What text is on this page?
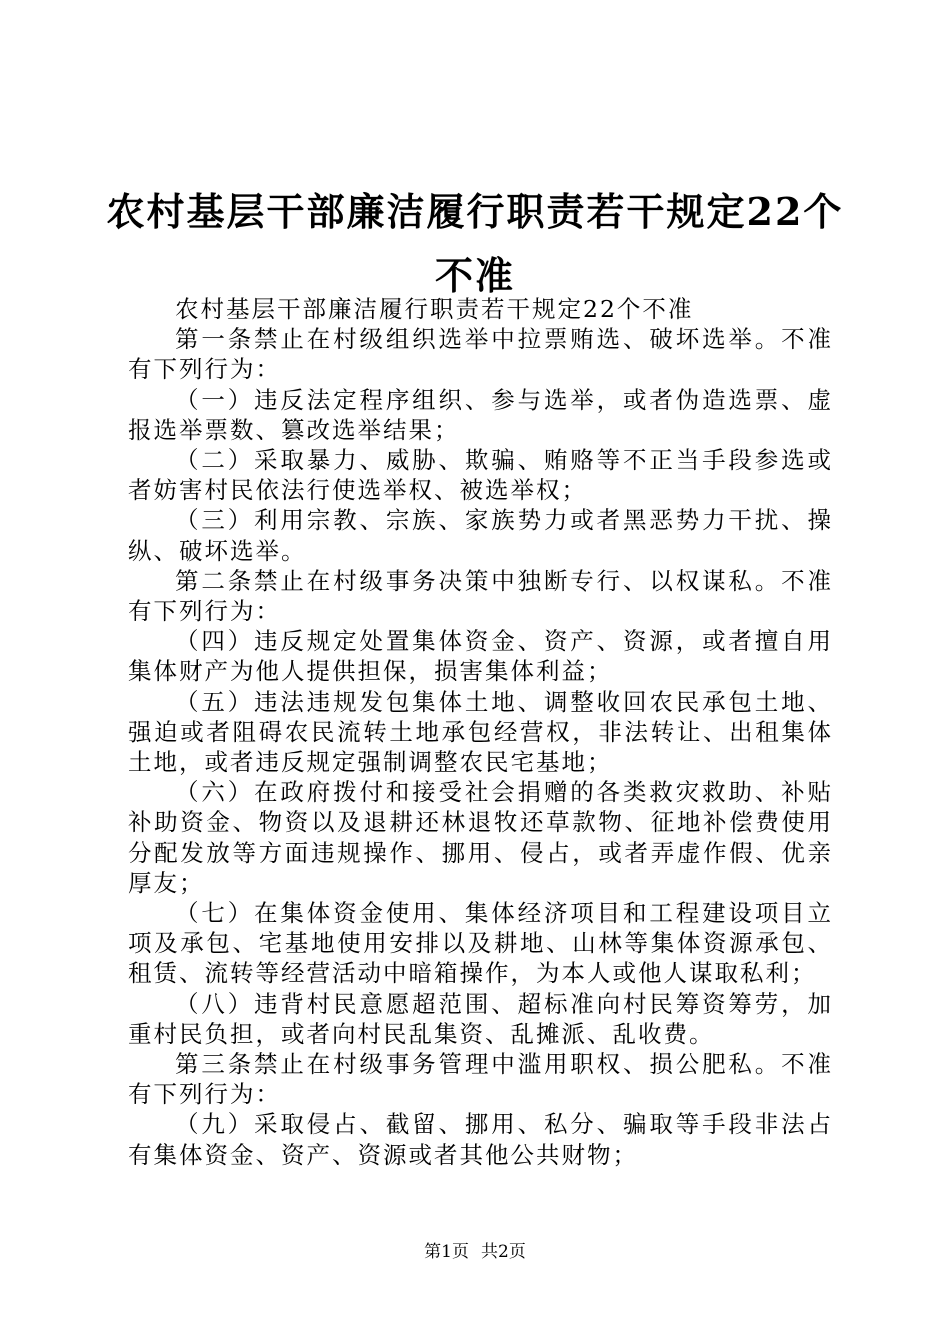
农村基层干部廉洁履行职责若干规定22个不准

农村基层干部廉洁履行职责若干规定22个不准

第一条禁止在村级组织选举中拉票贿选、破坏选举。不准有下列行为：

（一）违反法定程序组织、参与选举，或者伪造选票、虚报选举票数、篡改选举结果；

（二）采取暴力、威胁、欺骗、贿赂等不正当手段参选或者妨害村民依法行使选举权、被选举权；

（三）利用宗教、宗族、家族势力或者黑恶势力干扰、操纵、破坏选举。

第二条禁止在村级事务决策中独断专行、以权谋私。不准有下列行为：

（四）违反规定处置集体资金、资产、资源，或者擅自用集体财产为他人提供担保，损害集体利益；

（五）违法违规发包集体土地、调整收回农民承包土地、强迫或者阻碍农民流转土地承包经营权，非法转让、出租集体土地，或者违反规定强制调整农民宅基地；

（六）在政府拨付和接受社会捐赠的各类救灾救助、补贴补助资金、物资以及退耕还林退牧还草款物、征地补偿费使用分配发放等方面违规操作、挪用、侵占，或者弄虚作假、优亲厚友；

（七）在集体资金使用、集体经济项目和工程建设项目立项及承包、宅基地使用安排以及耕地、山林等集体资源承包、租赁、流转等经营活动中暗箱操作，为本人或他人谋取私利；

（八）违背村民意愿超范围、超标准向村民筹资筹劳，加重村民负担，或者向村民乱集资、乱摊派、乱收费。

第三条禁止在村级事务管理中滥用职权、损公肥私。不准有下列行为：

（九）采取侵占、截留、挪用、私分、骗取等手段非法占有集体资金、资产、资源或者其他公共财物；

第1页 共2页
